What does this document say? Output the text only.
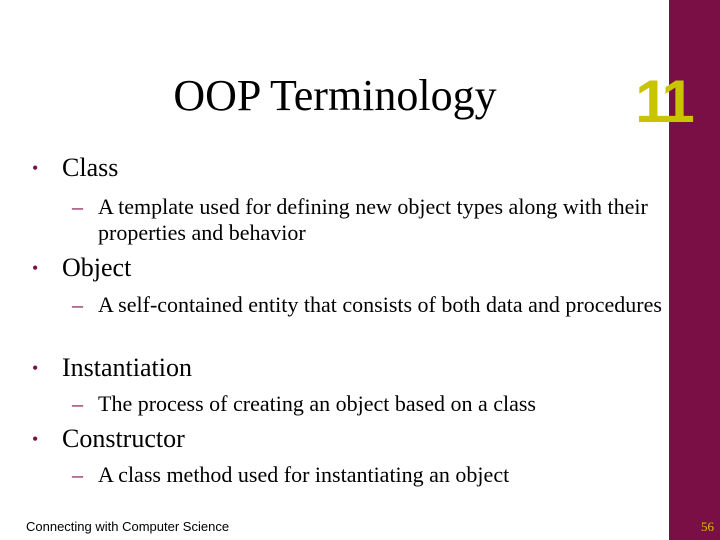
11
OOP Terminology
• Class
– A template used for defining new object types along with their properties and behavior
• Object
– A self-contained entity that consists of both data and procedures
• Instantiation
– The process of creating an object based on a class
• Constructor
– A class method used for instantiating an object
Connecting with Computer Science	56
